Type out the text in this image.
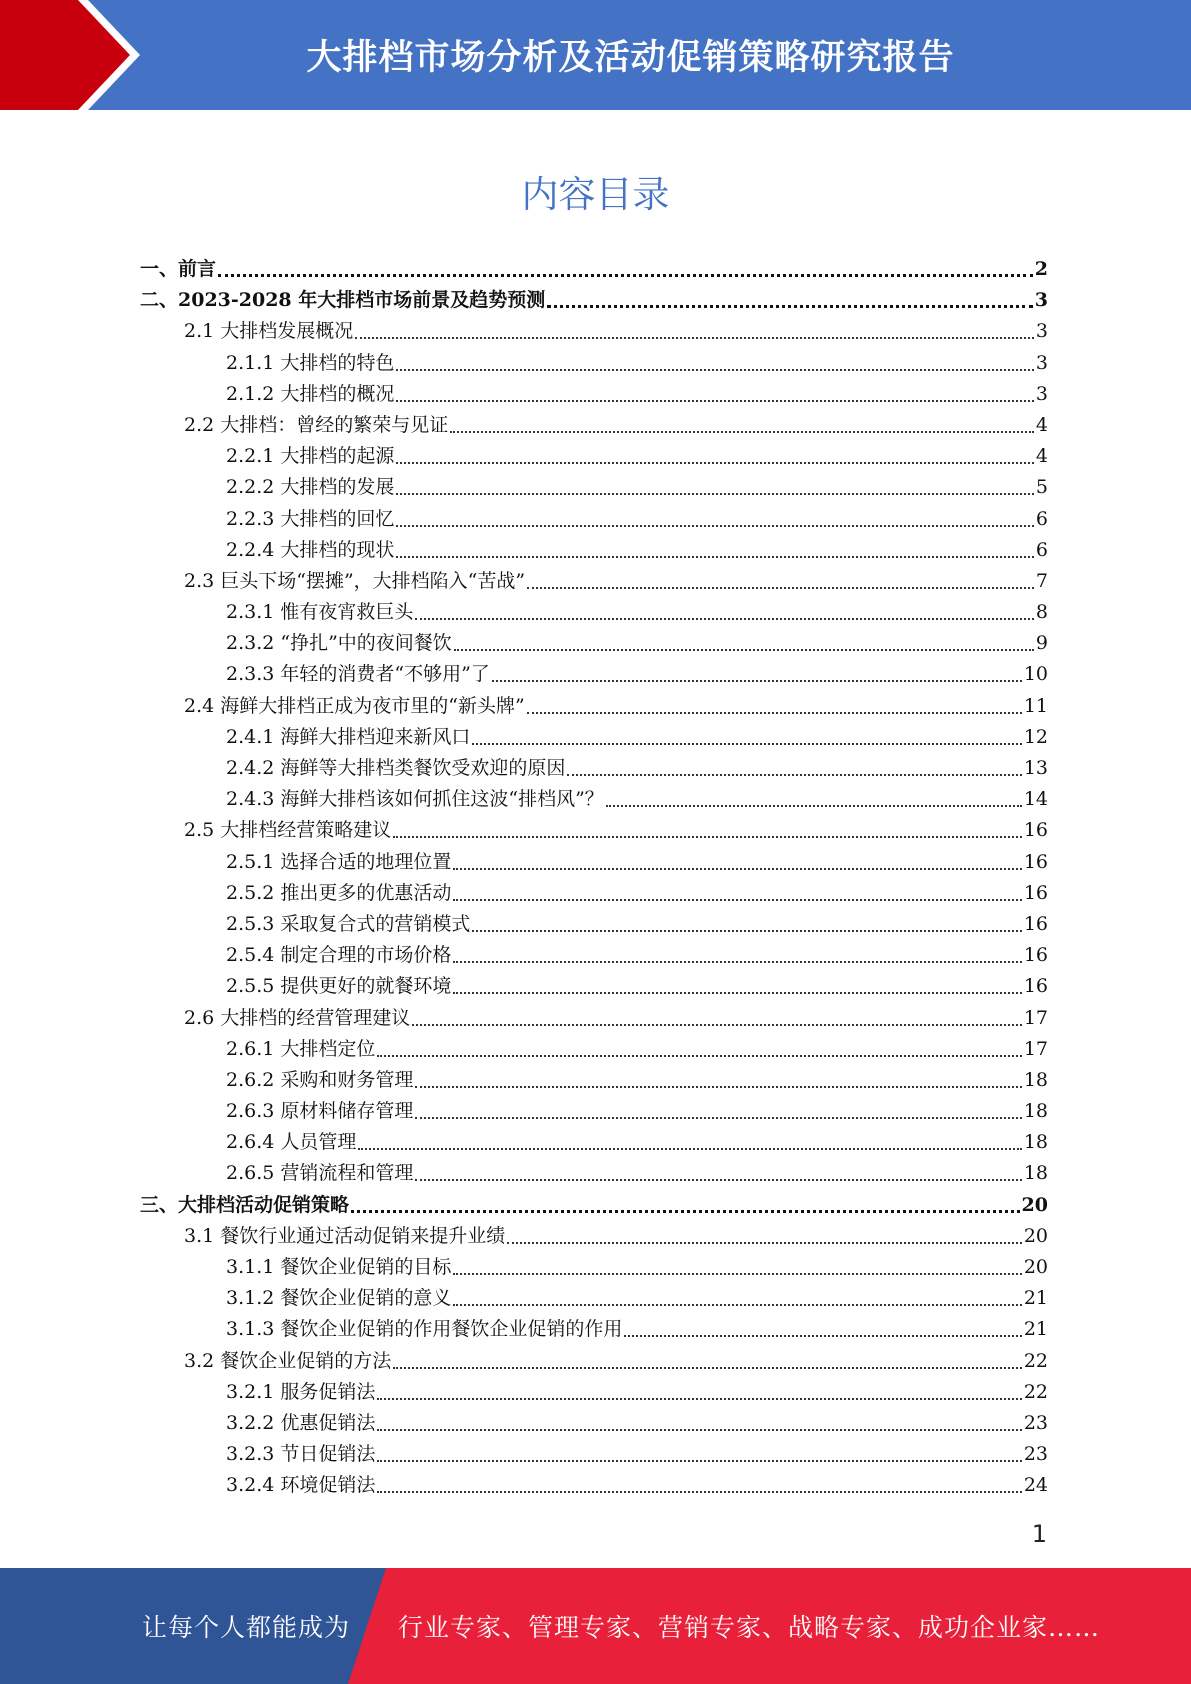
大排档市场分析及活动促销策略研究报告
内容目录
一、前言	2
二、2023-2028 年大排档市场前景及趋势预测	3
2.1 大排档发展概况	3
2.1.1 大排档的特色	3
2.1.2 大排档的概况	3
2.2 大排档：曾经的繁荣与见证	4
2.2.1 大排档的起源	4
2.2.2 大排档的发展	5
2.2.3 大排档的回忆	6
2.2.4 大排档的现状	6
2.3 巨头下场“摆摊”，大排档陷入“苦战”	7
2.3.1 惟有夜宵救巨头	8
2.3.2 “挣扎”中的夜间餐饮	9
2.3.3 年轻的消费者“不够用”了	10
2.4 海鲜大排档正成为夜市里的“新头牌”	11
2.4.1 海鲜大排档迎来新风口	12
2.4.2 海鲜等大排档类餐饮受欢迎的原因	13
2.4.3 海鲜大排档该如何抓住这波“排档风”？	14
2.5 大排档经营策略建议	16
2.5.1 选择合适的地理位置	16
2.5.2 推出更多的优惠活动	16
2.5.3 采取复合式的营销模式	16
2.5.4 制定合理的市场价格	16
2.5.5 提供更好的就餐环境	16
2.6 大排档的经营管理建议	17
2.6.1 大排档定位	17
2.6.2 采购和财务管理	18
2.6.3 原材料储存管理	18
2.6.4 人员管理	18
2.6.5 营销流程和管理	18
三、大排档活动促销策略	20
3.1 餐饮行业通过活动促销来提升业绩	20
3.1.1 餐饮企业促销的目标	20
3.1.2 餐饮企业促销的意义	21
3.1.3 餐饮企业促销的作用餐饮企业促销的作用	21
3.2 餐饮企业促销的方法	22
3.2.1 服务促销法	22
3.2.2 优惠促销法	23
3.2.3 节日促销法	23
3.2.4 环境促销法	24
1
让每个人都能成为 行业专家、管理专家、营销专家、战略专家、成功企业家……
